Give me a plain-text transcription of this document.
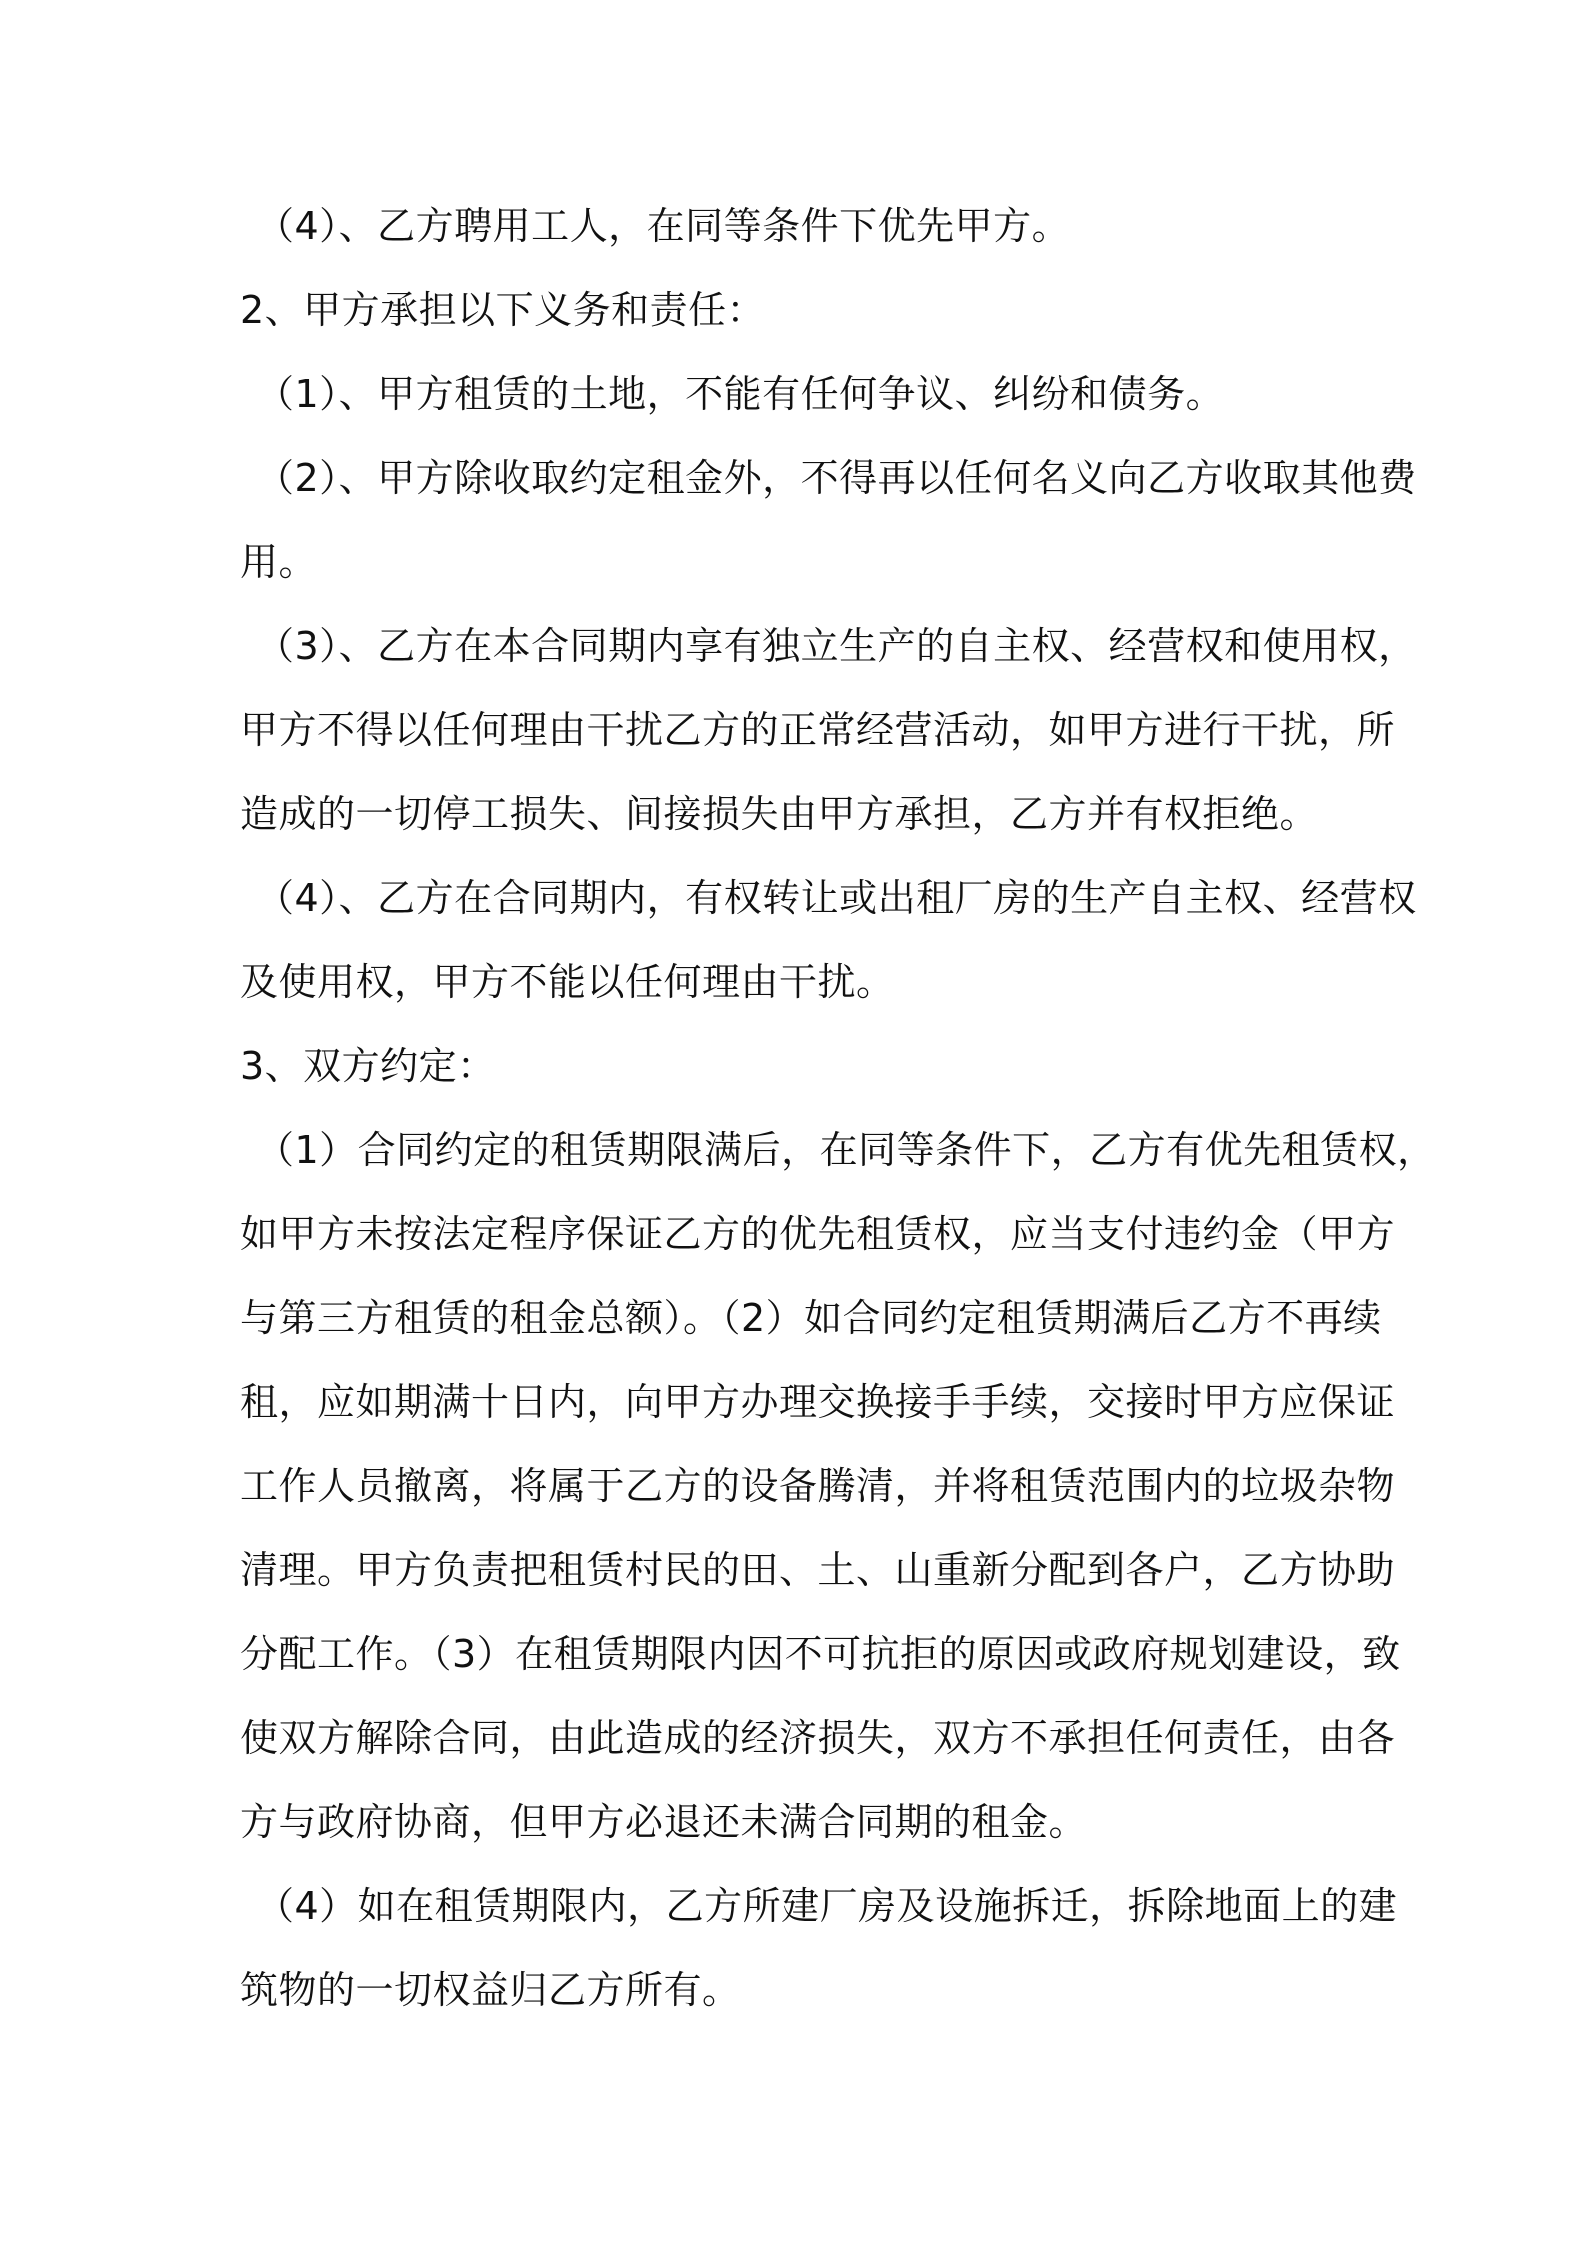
（4）、乙方聘用工人，在同等条件下优先甲方。
2、甲方承担以下义务和责任：
（1）、甲方租赁的土地，不能有任何争议、纠纷和债务。
（2）、甲方除收取约定租金外，不得再以任何名义向乙方收取其他费
用。
（3）、乙方在本合同期内享有独立生产的自主权、经营权和使用权，
甲方不得以任何理由干扰乙方的正常经营活动，如甲方进行干扰，所
造成的一切停工损失、间接损失由甲方承担，乙方并有权拒绝。
（4）、乙方在合同期内，有权转让或出租厂房的生产自主权、经营权
及使用权，甲方不能以任何理由干扰。
3、双方约定：
（1）合同约定的租赁期限满后，在同等条件下，乙方有优先租赁权，
如甲方未按法定程序保证乙方的优先租赁权，应当支付违约金（甲方
与第三方租赁的租金总额）。（2）如合同约定租赁期满后乙方不再续
租，应如期满十日内，向甲方办理交换接手手续，交接时甲方应保证
工作人员撤离，将属于乙方的设备腾清，并将租赁范围内的垃圾杂物
清理。甲方负责把租赁村民的田、土、山重新分配到各户，乙方协助
分配工作。（3）在租赁期限内因不可抗拒的原因或政府规划建设，致
使双方解除合同，由此造成的经济损失，双方不承担任何责任，由各
方与政府协商，但甲方必退还未满合同期的租金。
（4）如在租赁期限内，乙方所建厂房及设施拆迁，拆除地面上的建
筑物的一切权益归乙方所有。
